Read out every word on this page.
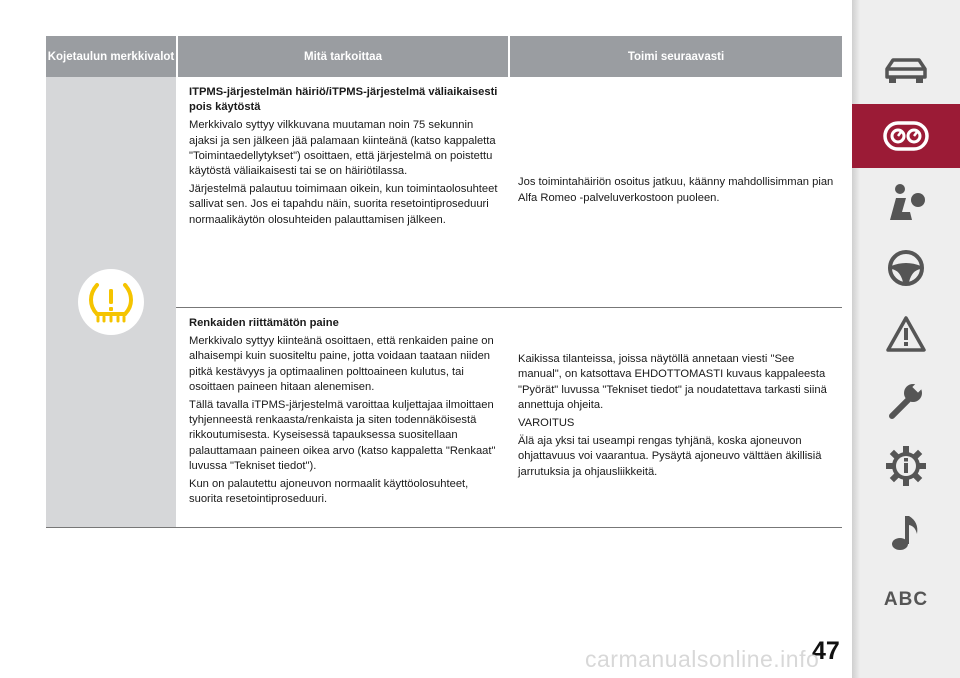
Kojetaulun merkkivalot	Mitä tarkoittaa	Toimi seuraavasti
ITPMS-järjestelmän häiriö/iTPMS-järjestelmä väliaikaisesti pois käytöstä

Merkkivalo syttyy vilkkuvana muutaman noin 75 sekunnin ajaksi ja sen jälkeen jää palamaan kiinteänä (katso kappaletta "Toimintaedellytykset") osoittaen, että järjestelmä on poistettu käytöstä väliaikaisesti tai se on häiriötilassa.

Järjestelmä palautuu toimimaan oikein, kun toimintaolosuhteet sallivat sen. Jos ei tapahdu näin, suorita resetointiproseduuri normaalikäytön olosuhteiden palauttamisen jälkeen.

Jos toimintahäiriön osoitus jatkuu, käänny mahdollisimman pian Alfa Romeo -palveluverkostoon puoleen.

Renkaiden riittämätön paine

Merkkivalo syttyy kiinteänä osoittaen, että renkaiden paine on alhaisempi kuin suositeltu paine, jotta voidaan taataan niiden pitkä kestävyys ja optimaalinen polttoaineen kulutus, tai osoittaen paineen hitaan alenemisen.

Tällä tavalla iTPMS-järjestelmä varoittaa kuljettajaa ilmoittaen tyhjenneestä renkaasta/renkaista ja siten todennäköisestä rikkoutumisesta. Kyseisessä tapauksessa suositellaan palauttamaan paineen oikea arvo (katso kappaletta "Renkaat" luvussa "Tekniset tiedot").

Kun on palautettu ajoneuvon normaalit käyttöolosuhteet, suorita resetointiproseduuri.

Kaikissa tilanteissa, joissa näytöllä annetaan viesti "See manual", on katsottava EHDOTTOMASTI kuvaus kappaleesta "Pyörät" luvussa "Tekniset tiedot" ja noudatettava tarkasti siinä annettuja ohjeita.

VAROITUS

Älä aja yksi tai useampi rengas tyhjänä, koska ajoneuvon ohjattavuus voi vaarantua. Pysäytä ajoneuvo välttäen äkillisiä jarrutuksia ja ohjausliikkeitä.

47
ABC
carmanualsonline.info
